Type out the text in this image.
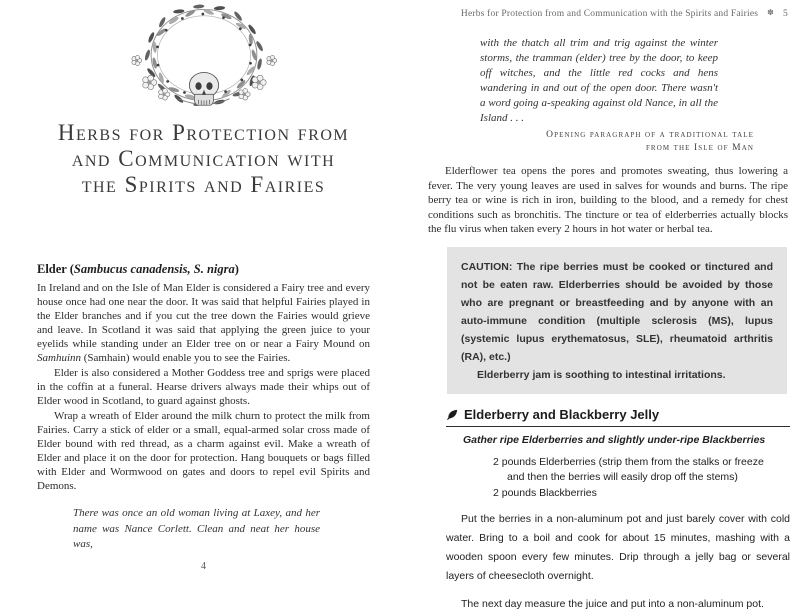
Herbs for Protection from
and Communication with
the Spirits and Fairies
Elder (Sambucus canadensis, S. nigra)

In Ireland and on the Isle of Man Elder is considered a Fairy tree and every house once had one near the door. It was said that helpful Fairies played in the Elder branches and if you cut the tree down the Fairies would grieve and leave. In Scotland it was said that applying the green juice to your eyelids while standing under an Elder tree on or near a Fairy Mound on Samhuinn (Samhain) would enable you to see the Fairies.

Elder is also considered a Mother Goddess tree and sprigs were placed in the coffin at a funeral. Hearse drivers always made their whips out of Elder wood in Scotland, to guard against ghosts.

Wrap a wreath of Elder around the milk churn to protect the milk from Fairies. Carry a stick of elder or a small, equal-armed solar cross made of Elder bound with red thread, as a charm against evil. Make a wreath of Elder and place it on the door for protection. Hang bouquets or bags filled with Elder and Wormwood on gates and doors to repel evil Spirits and Demons.

There was once an old woman living at Laxey, and her name was Nance Corlett. Clean and neat her house was,
4
Herbs for Protection from and Communication with the Spirits and Fairies ✽ 5
with the thatch all trim and trig against the winter storms, the tramman (elder) tree by the door, to keep off witches, and the little red cocks and hens wandering in and out of the open door. There wasn't a word going a-speaking against old Nance, in all the Island . . .
Opening paragraph of a traditional tale
from the Isle of Man

Elderflower tea opens the pores and promotes sweating, thus lowering a fever. The very young leaves are used in salves for wounds and burns. The ripe berry tea or wine is rich in iron, building to the blood, and a remedy for chest conditions such as bronchitis. The tincture or tea of elderberries actually blocks the flu virus when taken every 2 hours in hot water or herbal tea.

CAUTION: The ripe berries must be cooked or tinctured and not be eaten raw. Elderberries should be avoided by those who are pregnant or breastfeeding and by anyone with an auto-immune condition (multiple sclerosis (MS), lupus (systemic lupus erythematosus, SLE), rheumatoid arthritis (RA), etc.)

Elderberry jam is soothing to intestinal irritations.

Elderberry and Blackberry Jelly
Gather ripe Elderberries and slightly under-ripe Blackberries
2 pounds Elderberries (strip them from the stalks or freeze
and then the berries will easily drop off the stems)
2 pounds Blackberries

Put the berries in a non-aluminum pot and just barely cover with cold water. Bring to a boil and cook for about 15 minutes, mashing with a wooden spoon every few minutes. Drip through a jelly bag or several layers of cheesecloth overnight.

The next day measure the juice and put into a non-aluminum pot.
